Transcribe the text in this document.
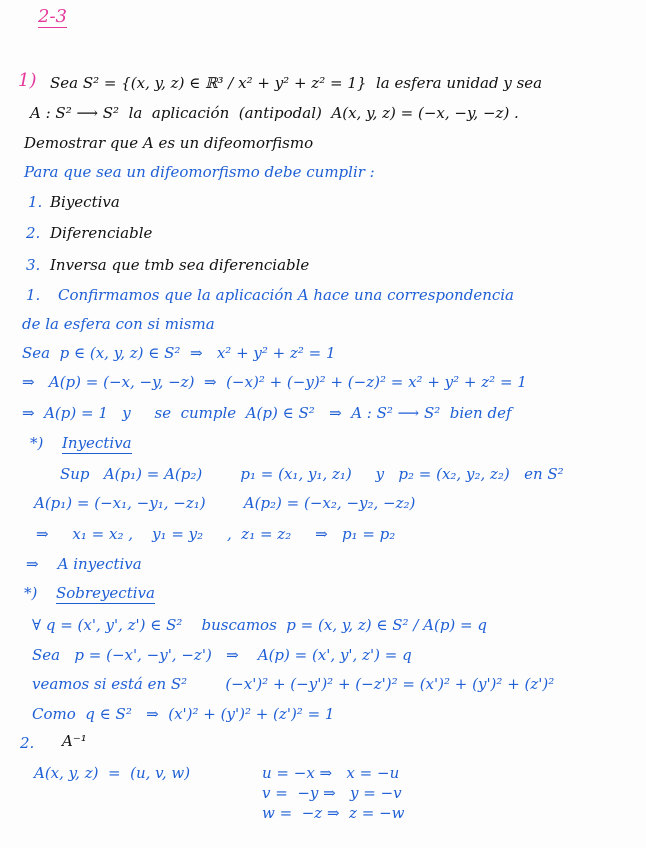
2-3
1) Sea S² = {(x, y, z) ∈ ℝ³ / x² + y² + z² = 1}  la esfera unidad y sea
A : S² ⟶ S²  la  aplicación  (antipodal)  A(x, y, z) = (−x, −y, −z) .
Demostrar que A es un difeomorfismo
Para que sea un difeomorfismo debe cumplir :
1. Biyectiva
2. Diferenciable
3. Inversa que tmb sea diferenciable
1. Confirmamos que la aplicación A hace una correspondencia
de la esfera con si misma
Sea  p ∈ (x, y, z) ∈ S²  ⇒   x² + y² + z² = 1
⇒   A(p) = (−x, −y, −z)  ⇒  (−x)² + (−y)² + (−z)² = x² + y² + z² = 1
⇒  A(p) = 1   y     se  cumple  A(p) ∈ S²   ⇒  A : S² ⟶ S²  bien def
*) Inyectiva
Sup   A(p₁) = A(p₂)        p₁ = (x₁, y₁, z₁)     y   p₂ = (x₂, y₂, z₂)   en S²
A(p₁) = (−x₁, −y₁, −z₁)        A(p₂) = (−x₂, −y₂, −z₂)
⇒     x₁ = x₂ ,    y₁ = y₂     ,  z₁ = z₂     ⇒   p₁ = p₂
⇒    A inyectiva
*) Sobreyectiva
∀ q = (x', y', z') ∈ S²    buscamos  p = (x, y, z) ∈ S² / A(p) = q
Sea   p = (−x', −y', −z')   ⇒    A(p) = (x', y', z') = q
veamos si está en S²        (−x')² + (−y')² + (−z')² = (x')² + (y')² + (z')²
Como  q ∈ S²   ⇒  (x')² + (y')² + (z')² = 1
2. A⁻¹
A(x, y, z)  =  (u, v, w)	u = −x ⇒   x = −u
v =  −y ⇒   y = −v
w =  −z ⇒  z = −w
